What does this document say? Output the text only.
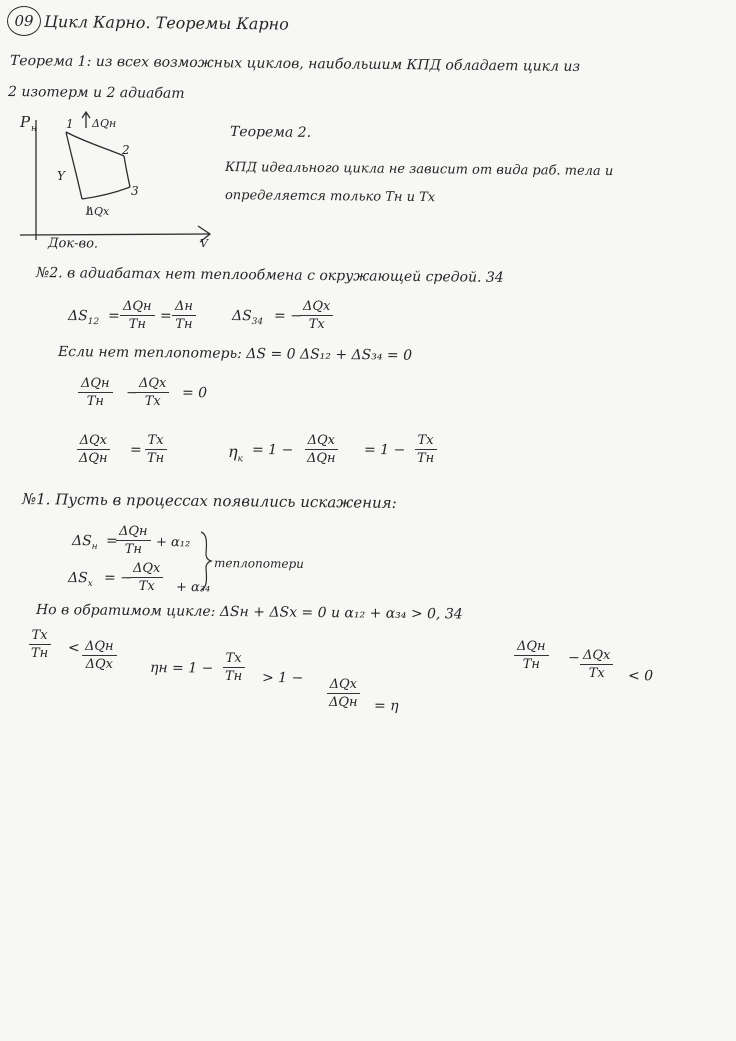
09 Цикл Карно. Теоремы Карно
Теорема 1: из всех возможных циклов, наибольшим КПД обладает цикл из
2 изотерм и 2 адиабат
P н
V
1
2
3
Y
ΔQн
ΔQх
Теорема 2.
КПД идеального цикла не зависит от вида раб. тела и
определяется только Тн и Тх
Док-во.
№2. в адиабатах нет теплообмена с окружающей средой. 34
$\Delta S_{12}$ =
ΔQн
Tн
=
Δн
Tн
$\Delta S_{34}$ = −
ΔQх
Tх
Если нет теплопотерь: ΔS = 0 ΔS₁₂ + ΔS₃₄ = 0
ΔQн
Tн
−
ΔQх
Tх
= 0
ΔQх
ΔQн
=
Tх
Tн	$\eta_к$
= 1 −
ΔQх
ΔQн
= 1 −
Tх
Tн
№1. Пусть в процессах появились искажения:
$\Delta S_н$ =
ΔQн
Tн + α₁₂
$\Delta S_х$ = −
ΔQх
Tх + α₃₄
теплопотери
Но в обратимом цикле: ΔSн + ΔSх = 0 и α₁₂ + α₃₄ > 0, 34
ΔQн
Tн − ΔQх
Tх < 0
Tх
Tн < ΔQн
ΔQх	ηн = 1 −
Tх
Tн > 1 − ΔQх
ΔQн = η
